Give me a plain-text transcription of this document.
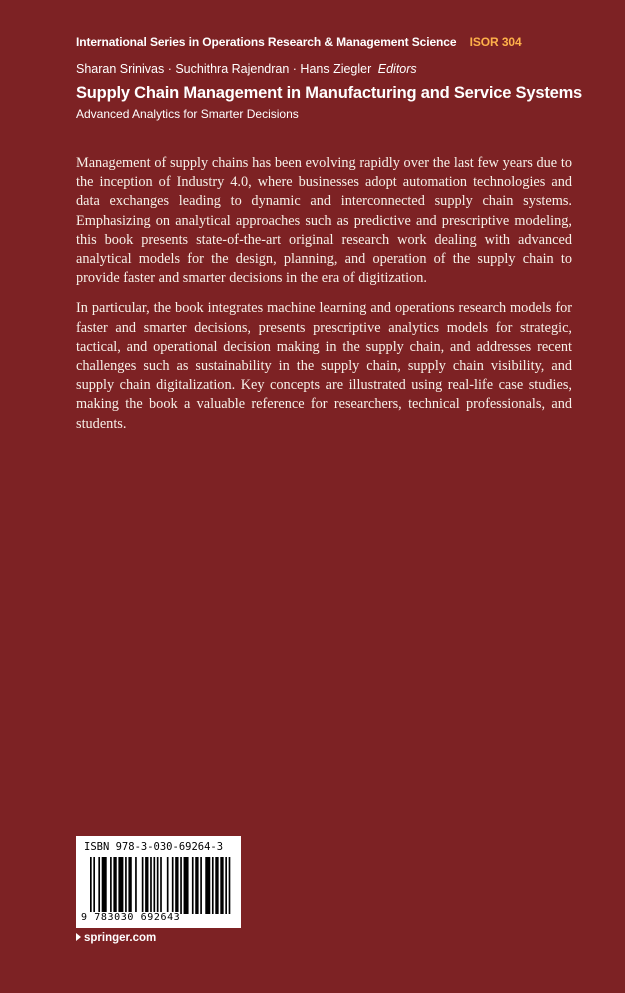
International Series in Operations Research & Management Science ISOR 304
Sharan Srinivas · Suchithra Rajendran · Hans Ziegler Editors
Supply Chain Management in Manufacturing and Service Systems
Advanced Analytics for Smarter Decisions

Management of supply chains has been evolving rapidly over the last few years due to the inception of Industry 4.0, where businesses adopt automation technologies and data exchanges leading to dynamic and interconnected supply chain systems. Emphasizing on analytical approaches such as predictive and prescriptive modeling, this book presents state-of-the-art original research work dealing with advanced analytical models for the design, planning, and operation of the supply chain to provide faster and smarter decisions in the era of digitization.

In particular, the book integrates machine learning and operations research models for faster and smarter decisions, presents prescriptive analytics models for strategic, tactical, and operational decision making in the supply chain, and addresses recent challenges such as sustainability in the supply chain, supply chain visibility, and supply chain digitalization. Key concepts are illustrated using real-life case studies, making the book a valuable reference for researchers, technical professionals, and students.

ISBN 978-3-030-69264-3
9 783030 692643
springer.com
